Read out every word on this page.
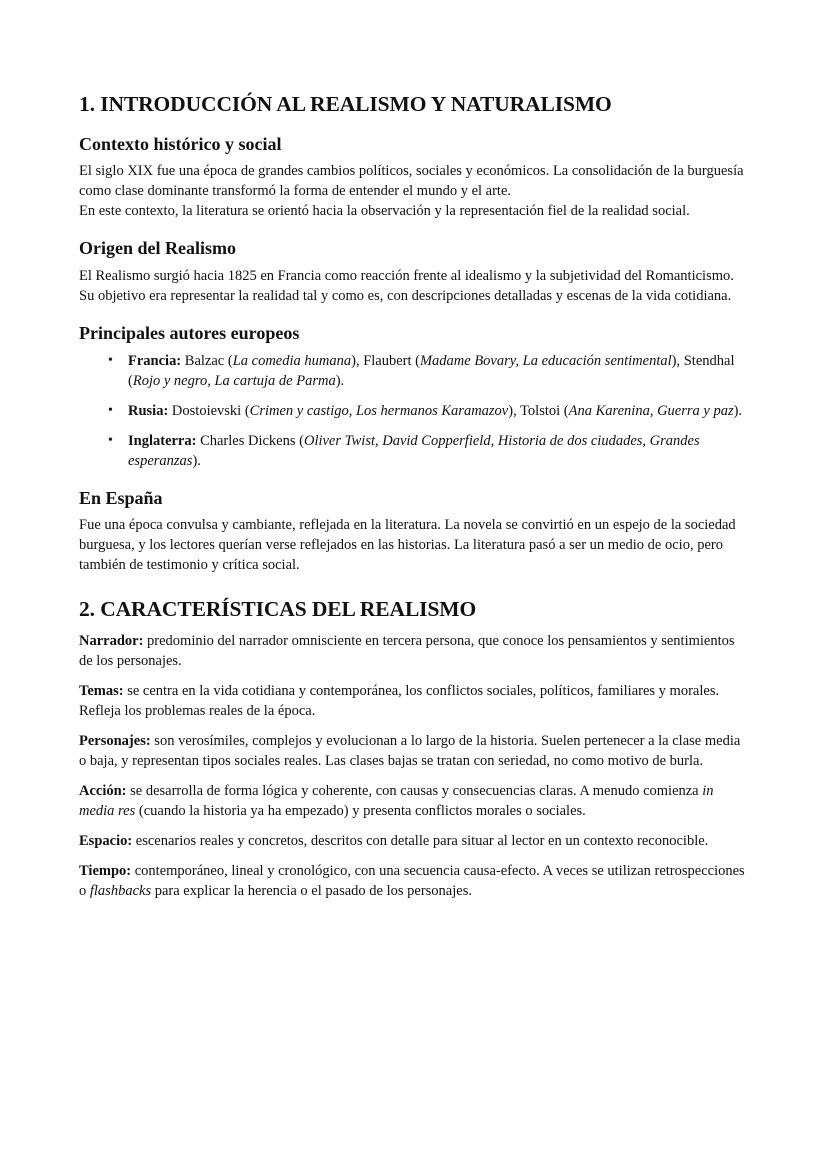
1. INTRODUCCIÓN AL REALISMO Y NATURALISMO
Contexto histórico y social

El siglo XIX fue una época de grandes cambios políticos, sociales y económicos. La consolidación de la burguesía como clase dominante transformó la forma de entender el mundo y el arte.
En este contexto, la literatura se orientó hacia la observación y la representación fiel de la realidad social.

Origen del Realismo

El Realismo surgió hacia 1825 en Francia como reacción frente al idealismo y la subjetividad del Romanticismo. Su objetivo era representar la realidad tal y como es, con descripciones detalladas y escenas de la vida cotidiana.

Principales autores europeos
• Francia: Balzac (La comedia humana), Flaubert (Madame Bovary, La educación sentimental), Stendhal (Rojo y negro, La cartuja de Parma).
• Rusia: Dostoievski (Crimen y castigo, Los hermanos Karamazov), Tolstoi (Ana Karenina, Guerra y paz).
• Inglaterra: Charles Dickens (Oliver Twist, David Copperfield, Historia de dos ciudades, Grandes esperanzas).
En España

Fue una época convulsa y cambiante, reflejada en la literatura. La novela se convirtió en un espejo de la sociedad burguesa, y los lectores querían verse reflejados en las historias. La literatura pasó a ser un medio de ocio, pero también de testimonio y crítica social.

2. CARACTERÍSTICAS DEL REALISMO

Narrador: predominio del narrador omnisciente en tercera persona, que conoce los pensamientos y sentimientos de los personajes.

Temas: se centra en la vida cotidiana y contemporánea, los conflictos sociales, políticos, familiares y morales. Refleja los problemas reales de la época.

Personajes: son verosímiles, complejos y evolucionan a lo largo de la historia. Suelen pertenecer a la clase media o baja, y representan tipos sociales reales. Las clases bajas se tratan con seriedad, no como motivo de burla.

Acción: se desarrolla de forma lógica y coherente, con causas y consecuencias claras. A menudo comienza in media res (cuando la historia ya ha empezado) y presenta conflictos morales o sociales.

Espacio: escenarios reales y concretos, descritos con detalle para situar al lector en un contexto reconocible.

Tiempo: contemporáneo, lineal y cronológico, con una secuencia causa-efecto. A veces se utilizan retrospecciones o flashbacks para explicar la herencia o el pasado de los personajes.
